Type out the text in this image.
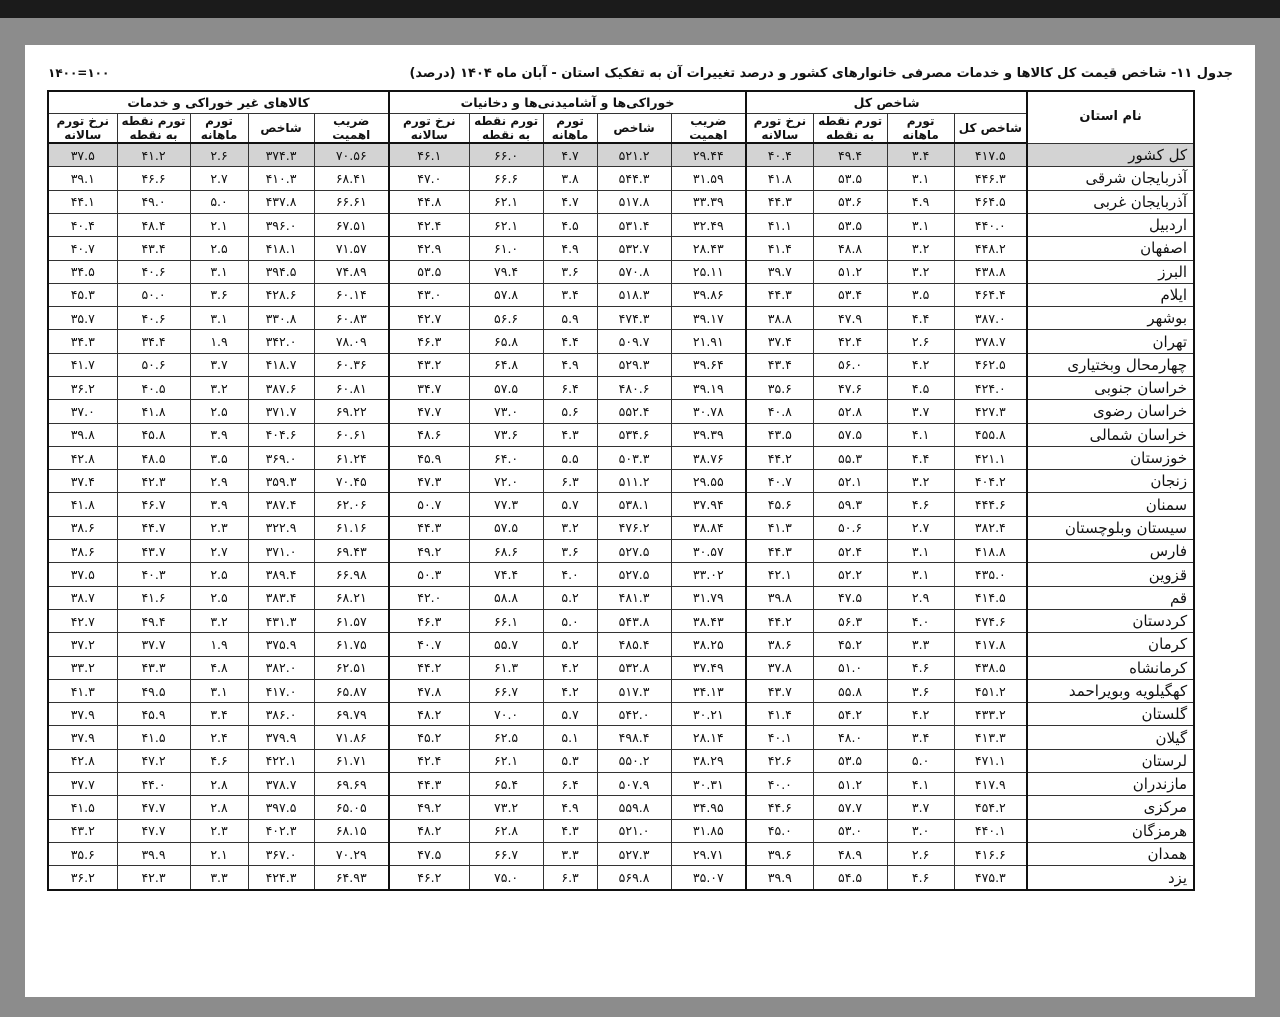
جدول ۱۱- شاخص قیمت کل کالاها و خدمات مصرفی خانوارهای کشور و درصد تغییرات آن به تفکیک استان - آبان ماه ۱۴۰۴ (درصد)
۱۴۰۰=۱۰۰
نام استان	شاخص کل				خوراکی‌ها و آشامیدنی‌ها و دخانیات					کالاهای غیر خوراکی و خدمات				
	شاخص کل	تورم ماهانه	تورم نقطه به نقطه	نرخ تورم سالانه	ضریب اهمیت	شاخص	تورم ماهانه	تورم نقطه به نقطه	نرخ تورم سالانه	ضریب اهمیت	شاخص	تورم ماهانه	تورم نقطه به نقطه	نرخ تورم سالانه
کل کشور	۴۱۷.۵	۳.۴	۴۹.۴	۴۰.۴	۲۹.۴۴	۵۲۱.۲	۴.۷	۶۶.۰	۴۶.۱	۷۰.۵۶	۳۷۴.۳	۲.۶	۴۱.۲	۳۷.۵
آذربایجان شرقی	۴۴۶.۳	۳.۱	۵۳.۵	۴۱.۸	۳۱.۵۹	۵۴۴.۳	۳.۸	۶۶.۶	۴۷.۰	۶۸.۴۱	۴۱۰.۳	۲.۷	۴۶.۶	۳۹.۱
آذربایجان غربی	۴۶۴.۵	۴.۹	۵۳.۶	۴۴.۳	۳۳.۳۹	۵۱۷.۸	۴.۷	۶۲.۱	۴۴.۸	۶۶.۶۱	۴۳۷.۸	۵.۰	۴۹.۰	۴۴.۱
اردبیل	۴۴۰.۰	۳.۱	۵۳.۵	۴۱.۱	۳۲.۴۹	۵۳۱.۴	۴.۵	۶۲.۱	۴۲.۴	۶۷.۵۱	۳۹۶.۰	۲.۱	۴۸.۴	۴۰.۴
اصفهان	۴۴۸.۲	۳.۲	۴۸.۸	۴۱.۴	۲۸.۴۳	۵۳۲.۷	۴.۹	۶۱.۰	۴۲.۹	۷۱.۵۷	۴۱۸.۱	۲.۵	۴۳.۴	۴۰.۷
البرز	۴۳۸.۸	۳.۲	۵۱.۲	۳۹.۷	۲۵.۱۱	۵۷۰.۸	۳.۶	۷۹.۴	۵۳.۵	۷۴.۸۹	۳۹۴.۵	۳.۱	۴۰.۶	۳۴.۵
ایلام	۴۶۴.۴	۳.۵	۵۳.۴	۴۴.۳	۳۹.۸۶	۵۱۸.۳	۳.۴	۵۷.۸	۴۳.۰	۶۰.۱۴	۴۲۸.۶	۳.۶	۵۰.۰	۴۵.۳
بوشهر	۳۸۷.۰	۴.۴	۴۷.۹	۳۸.۸	۳۹.۱۷	۴۷۴.۳	۵.۹	۵۶.۶	۴۲.۷	۶۰.۸۳	۳۳۰.۸	۳.۱	۴۰.۶	۳۵.۷
تهران	۳۷۸.۷	۲.۶	۴۲.۴	۳۷.۴	۲۱.۹۱	۵۰۹.۷	۴.۴	۶۵.۸	۴۶.۳	۷۸.۰۹	۳۴۲.۰	۱.۹	۳۴.۴	۳۴.۳
چهارمحال وبختیاری	۴۶۲.۵	۴.۲	۵۶.۰	۴۳.۴	۳۹.۶۴	۵۲۹.۳	۴.۹	۶۴.۸	۴۳.۲	۶۰.۳۶	۴۱۸.۷	۳.۷	۵۰.۶	۴۱.۷
خراسان جنوبی	۴۲۴.۰	۴.۵	۴۷.۶	۳۵.۶	۳۹.۱۹	۴۸۰.۶	۶.۴	۵۷.۵	۳۴.۷	۶۰.۸۱	۳۸۷.۶	۳.۲	۴۰.۵	۳۶.۲
خراسان رضوی	۴۲۷.۳	۳.۷	۵۲.۸	۴۰.۸	۳۰.۷۸	۵۵۲.۴	۵.۶	۷۳.۰	۴۷.۷	۶۹.۲۲	۳۷۱.۷	۲.۵	۴۱.۸	۳۷.۰
خراسان شمالی	۴۵۵.۸	۴.۱	۵۷.۵	۴۳.۵	۳۹.۳۹	۵۳۴.۶	۴.۳	۷۳.۶	۴۸.۶	۶۰.۶۱	۴۰۴.۶	۳.۹	۴۵.۸	۳۹.۸
خوزستان	۴۲۱.۱	۴.۴	۵۵.۳	۴۴.۲	۳۸.۷۶	۵۰۳.۳	۵.۵	۶۴.۰	۴۵.۹	۶۱.۲۴	۳۶۹.۰	۳.۵	۴۸.۵	۴۲.۸
زنجان	۴۰۴.۲	۳.۲	۵۲.۱	۴۰.۷	۲۹.۵۵	۵۱۱.۲	۶.۳	۷۲.۰	۴۷.۳	۷۰.۴۵	۳۵۹.۳	۲.۹	۴۲.۳	۳۷.۴
سمنان	۴۴۴.۶	۴.۶	۵۹.۳	۴۵.۶	۳۷.۹۴	۵۳۸.۱	۵.۷	۷۷.۳	۵۰.۷	۶۲.۰۶	۳۸۷.۴	۳.۹	۴۶.۷	۴۱.۸
سیستان وبلوچستان	۳۸۲.۴	۲.۷	۵۰.۶	۴۱.۳	۳۸.۸۴	۴۷۶.۲	۳.۲	۵۷.۵	۴۴.۳	۶۱.۱۶	۳۲۲.۹	۲.۳	۴۴.۷	۳۸.۶
فارس	۴۱۸.۸	۳.۱	۵۲.۴	۴۴.۳	۳۰.۵۷	۵۲۷.۵	۳.۶	۶۸.۶	۴۹.۲	۶۹.۴۳	۳۷۱.۰	۲.۷	۴۳.۷	۳۸.۶
قزوین	۴۳۵.۰	۳.۱	۵۲.۲	۴۲.۱	۳۳.۰۲	۵۲۷.۵	۴.۰	۷۴.۴	۵۰.۳	۶۶.۹۸	۳۸۹.۴	۲.۵	۴۰.۳	۳۷.۵
قم	۴۱۴.۵	۲.۹	۴۷.۵	۳۹.۸	۳۱.۷۹	۴۸۱.۳	۵.۲	۵۸.۸	۴۲.۰	۶۸.۲۱	۳۸۳.۴	۲.۵	۴۱.۶	۳۸.۷
کردستان	۴۷۴.۶	۴.۰	۵۶.۳	۴۴.۲	۳۸.۴۳	۵۴۳.۸	۵.۰	۶۶.۱	۴۶.۳	۶۱.۵۷	۴۳۱.۳	۳.۲	۴۹.۴	۴۲.۷
کرمان	۴۱۷.۸	۳.۳	۴۵.۲	۳۸.۶	۳۸.۲۵	۴۸۵.۴	۵.۲	۵۵.۷	۴۰.۷	۶۱.۷۵	۳۷۵.۹	۱.۹	۳۷.۷	۳۷.۲
کرمانشاه	۴۳۸.۵	۴.۶	۵۱.۰	۳۷.۸	۳۷.۴۹	۵۳۲.۸	۴.۲	۶۱.۳	۴۴.۲	۶۲.۵۱	۳۸۲.۰	۴.۸	۴۳.۳	۳۳.۲
کهگیلویه وبویراحمد	۴۵۱.۲	۳.۶	۵۵.۸	۴۳.۷	۳۴.۱۳	۵۱۷.۳	۴.۲	۶۶.۷	۴۷.۸	۶۵.۸۷	۴۱۷.۰	۳.۱	۴۹.۵	۴۱.۳
گلستان	۴۳۳.۲	۴.۲	۵۴.۲	۴۱.۴	۳۰.۲۱	۵۴۲.۰	۵.۷	۷۰.۰	۴۸.۲	۶۹.۷۹	۳۸۶.۰	۳.۴	۴۵.۹	۳۷.۹
گیلان	۴۱۳.۳	۳.۴	۴۸.۰	۴۰.۱	۲۸.۱۴	۴۹۸.۴	۵.۱	۶۲.۵	۴۵.۲	۷۱.۸۶	۳۷۹.۹	۲.۴	۴۱.۵	۳۷.۹
لرستان	۴۷۱.۱	۵.۰	۵۳.۵	۴۲.۶	۳۸.۲۹	۵۵۰.۲	۵.۳	۶۲.۱	۴۲.۴	۶۱.۷۱	۴۲۲.۱	۴.۶	۴۷.۲	۴۲.۸
مازندران	۴۱۷.۹	۴.۱	۵۱.۲	۴۰.۰	۳۰.۳۱	۵۰۷.۹	۶.۴	۶۵.۴	۴۴.۳	۶۹.۶۹	۳۷۸.۷	۲.۸	۴۴.۰	۳۷.۷
مرکزی	۴۵۴.۲	۳.۷	۵۷.۷	۴۴.۶	۳۴.۹۵	۵۵۹.۸	۴.۹	۷۳.۲	۴۹.۲	۶۵.۰۵	۳۹۷.۵	۲.۸	۴۷.۷	۴۱.۵
هرمزگان	۴۴۰.۱	۳.۰	۵۳.۰	۴۵.۰	۳۱.۸۵	۵۲۱.۰	۴.۳	۶۲.۸	۴۸.۲	۶۸.۱۵	۴۰۲.۳	۲.۳	۴۷.۷	۴۳.۲
همدان	۴۱۶.۶	۲.۶	۴۸.۹	۳۹.۶	۲۹.۷۱	۵۲۷.۳	۳.۳	۶۶.۷	۴۷.۵	۷۰.۲۹	۳۶۷.۰	۲.۱	۳۹.۹	۳۵.۶
یزد	۴۷۵.۳	۴.۶	۵۴.۵	۳۹.۹	۳۵.۰۷	۵۶۹.۸	۶.۳	۷۵.۰	۴۶.۲	۶۴.۹۳	۴۲۴.۳	۳.۳	۴۲.۳	۳۶.۲
